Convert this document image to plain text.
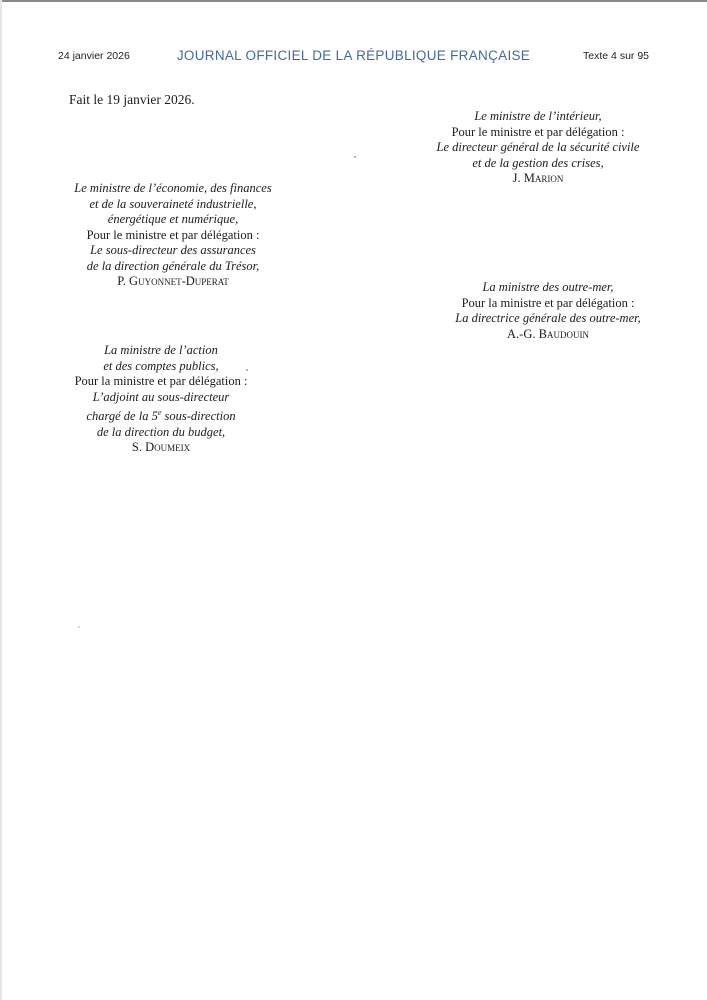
24 janvier 2026	JOURNAL OFFICIEL DE LA RÉPUBLIQUE FRANÇAISE	Texte 4 sur 95
Fait le 19 janvier 2026.
Le ministre de l’intérieur,
Pour le ministre et par délégation :
Le directeur général de la sécurité civile
et de la gestion des crises,
J. Marion
Le ministre de l’économie, des finances
et de la souveraineté industrielle,
énergétique et numérique,
Pour le ministre et par délégation :
Le sous-directeur des assurances
de la direction générale du Trésor,
P. Guyonnet-Duperat	La ministre des outre-mer,
Pour la ministre et par délégation :
La directrice générale des outre-mer,
A.-G. Baudouin
La ministre de l’action
et des comptes publics,
Pour la ministre et par délégation :
L’adjoint au sous-directeur
chargé de la 5e sous-direction
de la direction du budget,
S. Doumeix
